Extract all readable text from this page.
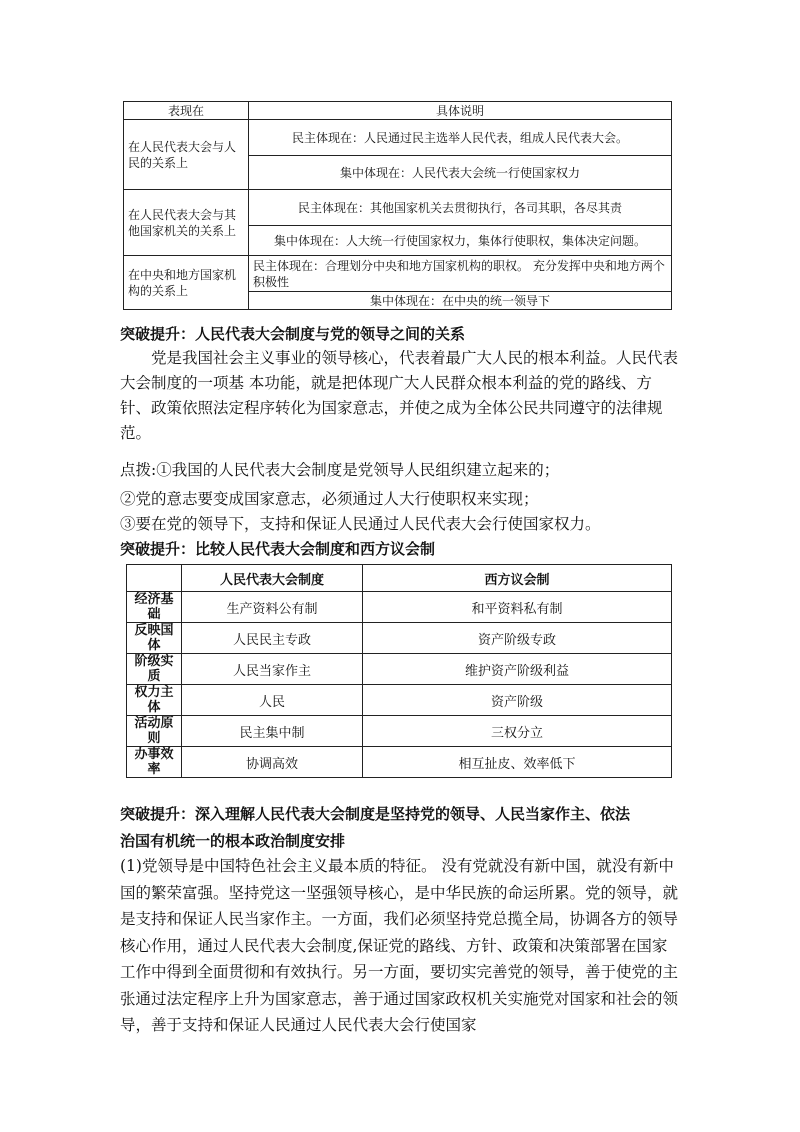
表现在	具体说明
在人民代表大会与人民的关系上	民主体现在：人民通过民主选举人民代表，组成人民代表大会。
	集中体现在：人民代表大会统一行使国家权力
在人民代表大会与其他国家机关的关系上	民主体现在：其他国家机关去贯彻执行，各司其职，各尽其责
	集中体现在：人大统一行使国家权力，集体行使职权，集体决定问题。
在中央和地方国家机构的关系上	民主体现在：合理划分中央和地方国家机构的职权。 充分发挥中央和地方两个积极性
	集中体现在：在中央的统一领导下
突破提升：人民代表大会制度与党的领导之间的关系
党是我国社会主义事业的领导核心，代表着最广大人民的根本利益。人民代表大会制度的一项基 本功能，就是把体现广大人民群众根本利益的党的路线、方针、政策依照法定程序转化为国家意志，并使之成为全体公民共同遵守的法律规范。
点拨:①我国的人民代表大会制度是党领导人民组织建立起来的；
②党的意志要变成国家意志，必须通过人大行使职权来实现；
③要在党的领导下，支持和保证人民通过人民代表大会行使国家权力。
突破提升：比较人民代表大会制度和西方议会制
	人民代表大会制度	西方议会制
经济基础	生产资料公有制	和平资料私有制
反映国体	人民民主专政	资产阶级专政
阶级实质	人民当家作主	维护资产阶级利益
权力主体	人民	资产阶级
活动原则	民主集中制	三权分立
办事效率	协调高效	相互扯皮、效率低下
突破提升：深入理解人民代表大会制度是坚持党的领导、人民当家作主、依法
治国有机统一的根本政治制度安排
(1)党领导是中国特色社会主义最本质的特征。 没有党就没有新中国，就没有新中国的繁荣富强。坚持党这一坚强领导核心，是中华民族的命运所累。党的领导，就是支持和保证人民当家作主。一方面，我们必须坚持党总揽全局，协调各方的领导核心作用，通过人民代表大会制度,保证党的路线、方针、政策和决策部署在国家工作中得到全面贯彻和有效执行。另一方面，要切实完善党的领导，善于使党的主张通过法定程序上升为国家意志，善于通过国家政权机关实施党对国家和社会的领导，善于支持和保证人民通过人民代表大会行使国家
